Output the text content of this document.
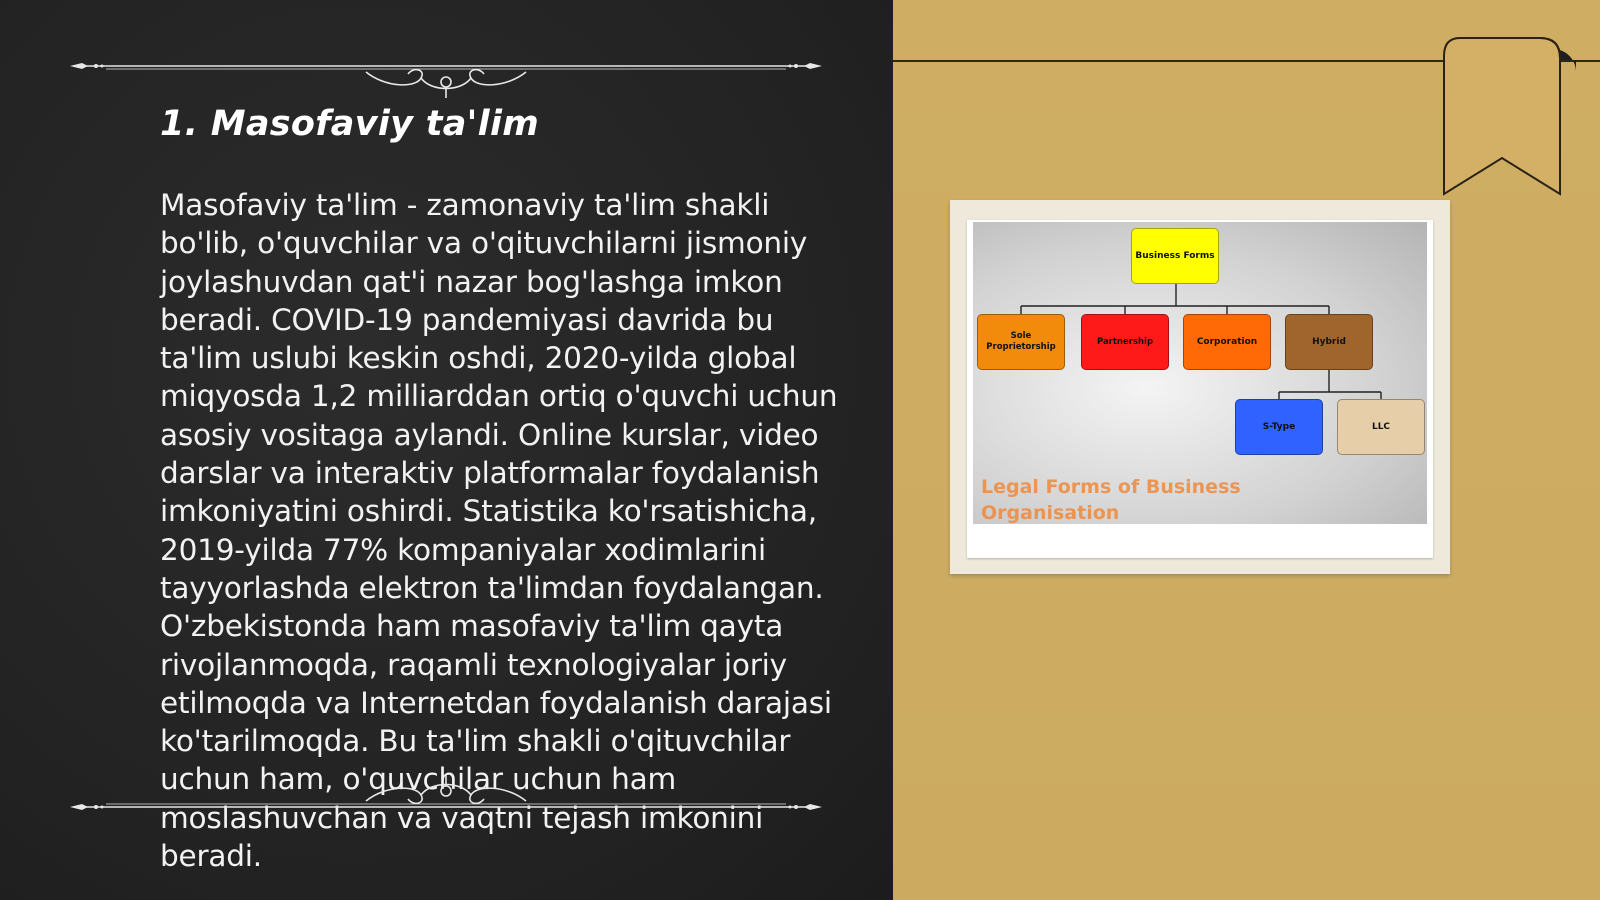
1. Masofaviy ta'lim

Masofaviy ta'lim - zamonaviy ta'lim shakli bo'lib, o'quvchilar va o'qituvchilarni jismoniy joylashuvdan qat'i nazar bog'lashga imkon beradi. COVID-19 pandemiyasi davrida bu ta'lim uslubi keskin oshdi, 2020-yilda global miqyosda 1,2 milliarddan ortiq o'quvchi uchun asosiy vositaga aylandi. Online kurslar, video darslar va interaktiv platformalar foydalanish imkoniyatini oshirdi. Statistika ko'rsatishicha, 2019-yilda 77% kompaniyalar xodimlarini tayyorlashda elektron ta'limdan foydalangan. O'zbekistonda ham masofaviy ta'lim qayta rivojlanmoqda, raqamli texnologiyalar joriy etilmoqda va Internetdan foydalanish darajasi ko'tarilmoqda. Bu ta'lim shakli o'qituvchilar uchun ham, o'quvchilar uchun ham moslashuvchan va vaqtni tejash imkonini beradi.

Business Forms
Sole Proprietorship
Partnership	Corporation	Hybrid
S-Type	LLC

Legal Forms of Business Organisation
